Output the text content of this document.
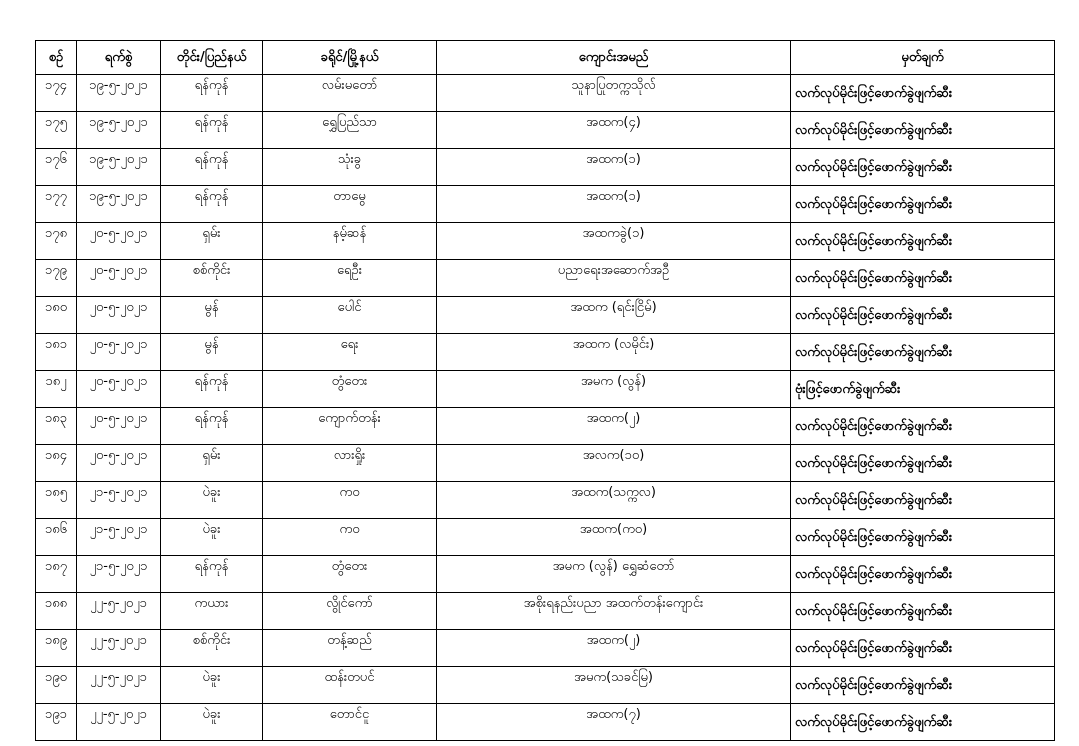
စဉ်	ရက်စွဲ	တိုင်း/ပြည်နယ်	ခရိုင်/မြို့နယ်	ကျောင်းအမည်	မှတ်ချက်
၁၇၄	၁၉-၅-၂၀၂၁	ရန်ကုန်	လမ်းမတော်	သူနာပြုတက္ကသိုလ်	လက်လုပ်မိုင်းဖြင့်ဖောက်ခွဲဖျက်ဆီး
၁၇၅	၁၉-၅-၂၀၂၁	ရန်ကုန်	ရွှေပြည်သာ	အထက(၄)	လက်လုပ်မိုင်းဖြင့်ဖောက်ခွဲဖျက်ဆီး
၁၇၆	၁၉-၅-၂၀၂၁	ရန်ကုန်	သုံးခွ	အထက(၁)	လက်လုပ်မိုင်းဖြင့်ဖောက်ခွဲဖျက်ဆီး
၁၇၇	၁၉-၅-၂၀၂၁	ရန်ကုန်	တာမွေ	အထက(၁)	လက်လုပ်မိုင်းဖြင့်ဖောက်ခွဲဖျက်ဆီး
၁၇၈	၂၀-၅-၂၀၂၁	ရှမ်း	နမ့်ဆန်	အထကခွဲ(၁)	လက်လုပ်မိုင်းဖြင့်ဖောက်ခွဲဖျက်ဆီး
၁၇၉	၂၀-၅-၂၀၂၁	စစ်ကိုင်း	ရေဦး	ပညာရေးအဆောက်အဦ	လက်လုပ်မိုင်းဖြင့်ဖောက်ခွဲဖျက်ဆီး
၁၈၀	၂၀-၅-၂၀၂၁	မွန်	ပေါင်	အထက (ရင်းငြိမ်)	လက်လုပ်မိုင်းဖြင့်ဖောက်ခွဲဖျက်ဆီး
၁၈၁	၂၀-၅-၂၀၂၁	မွန်	ရေး	အထက (လမိုင်း)	လက်လုပ်မိုင်းဖြင့်ဖောက်ခွဲဖျက်ဆီး
၁၈၂	၂၀-၅-၂၀၂၁	ရန်ကုန်	တွံတေး	အမက (လွန်)	ဗုံးဖြင့်ဖောက်ခွဲဖျက်ဆီး
၁၈၃	၂၀-၅-၂၀၂၁	ရန်ကုန်	ကျောက်တန်း	အထက(၂)	လက်လုပ်မိုင်းဖြင့်ဖောက်ခွဲဖျက်ဆီး
၁၈၄	၂၀-၅-၂၀၂၁	ရှမ်း	လားရှိုး	အလက(၁၀)	လက်လုပ်မိုင်းဖြင့်ဖောက်ခွဲဖျက်ဆီး
၁၈၅	၂၁-၅-၂၀၂၁	ပဲခူး	ကဝ	အထက(သက္ကလ)	လက်လုပ်မိုင်းဖြင့်ဖောက်ခွဲဖျက်ဆီး
၁၈၆	၂၁-၅-၂၀၂၁	ပဲခူး	ကဝ	အထက(ကဝ)	လက်လုပ်မိုင်းဖြင့်ဖောက်ခွဲဖျက်ဆီး
၁၈၇	၂၁-၅-၂၀၂၁	ရန်ကုန်	တွံတေး	အမက (လွန်) ရွှေဆံတော်	လက်လုပ်မိုင်းဖြင့်ဖောက်ခွဲဖျက်ဆီး
၁၈၈	၂၂-၅-၂၀၂၁	ကယား	လွိုင်ကော်	အစိုးရနည်းပညာ အထက်တန်းကျောင်း	လက်လုပ်မိုင်းဖြင့်ဖောက်ခွဲဖျက်ဆီး
၁၈၉	၂၂-၅-၂၀၂၁	စစ်ကိုင်း	တန့်ဆည်	အထက(၂)	လက်လုပ်မိုင်းဖြင့်ဖောက်ခွဲဖျက်ဆီး
၁၉၀	၂၂-၅-၂၀၂၁	ပဲခူး	ထန်းတပင်	အမက(သခင်မြ)	လက်လုပ်မိုင်းဖြင့်ဖောက်ခွဲဖျက်ဆီး
၁၉၁	၂၂-၅-၂၀၂၁	ပဲခူး	တောင်ငူ	အထက(၇)	လက်လုပ်မိုင်းဖြင့်ဖောက်ခွဲဖျက်ဆီး
